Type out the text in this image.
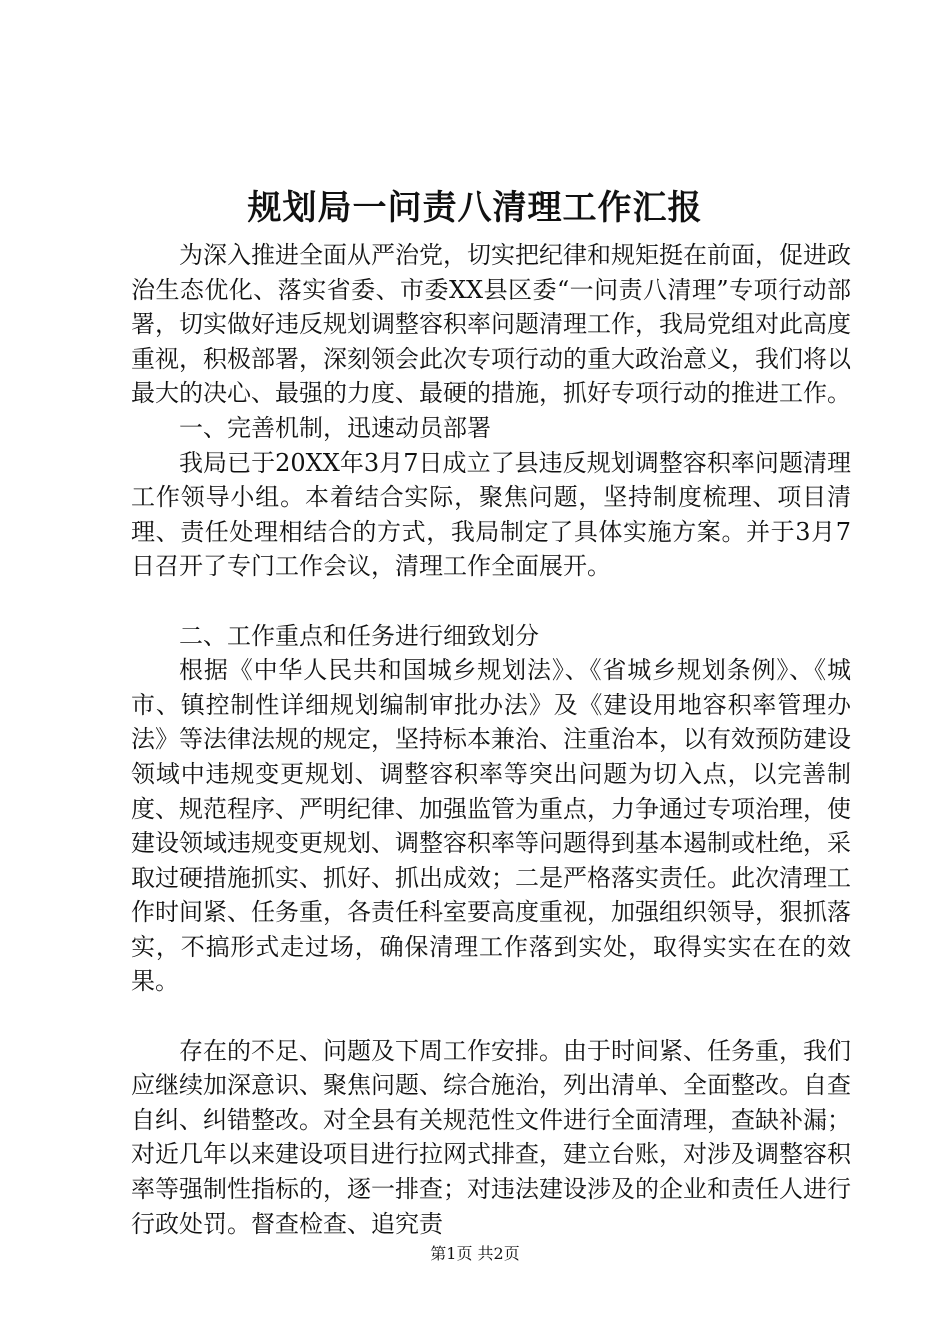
规划局一问责八清理工作汇报

为深入推进全面从严治党，切实把纪律和规矩挺在前面，促进政治生态优化、落实省委、市委XX县区委“一问责八清理”专项行动部署，切实做好违反规划调整容积率问题清理工作，我局党组对此高度重视，积极部署，深刻领会此次专项行动的重大政治意义，我们将以最大的决心、最强的力度、最硬的措施，抓好专项行动的推进工作。

一、完善机制，迅速动员部署

我局已于20XX年3月7日成立了县违反规划调整容积率问题清理工作领导小组。本着结合实际，聚焦问题，坚持制度梳理、项目清理、责任处理相结合的方式，我局制定了具体实施方案。并于3月7日召开了专门工作会议，清理工作全面展开。

二、工作重点和任务进行细致划分

根据《中华人民共和国城乡规划法》、《省城乡规划条例》、《城市、镇控制性详细规划编制审批办法》及《建设用地容积率管理办法》等法律法规的规定，坚持标本兼治、注重治本，以有效预防建设领域中违规变更规划、调整容积率等突出问题为切入点，以完善制度、规范程序、严明纪律、加强监管为重点，力争通过专项治理，使建设领域违规变更规划、调整容积率等问题得到基本遏制或杜绝，采取过硬措施抓实、抓好、抓出成效；二是严格落实责任。此次清理工作时间紧、任务重，各责任科室要高度重视，加强组织领导，狠抓落实，不搞形式走过场，确保清理工作落到实处，取得实实在在的效果。

存在的不足、问题及下周工作安排。由于时间紧、任务重，我们应继续加深意识、聚焦问题、综合施治，列出清单、全面整改。自查自纠、纠错整改。对全县有关规范性文件进行全面清理，查缺补漏；对近几年以来建设项目进行拉网式排查，建立台账，对涉及调整容积率等强制性指标的，逐一排查；对违法建设涉及的企业和责任人进行行政处罚。督查检查、追究责

第1页 共2页
